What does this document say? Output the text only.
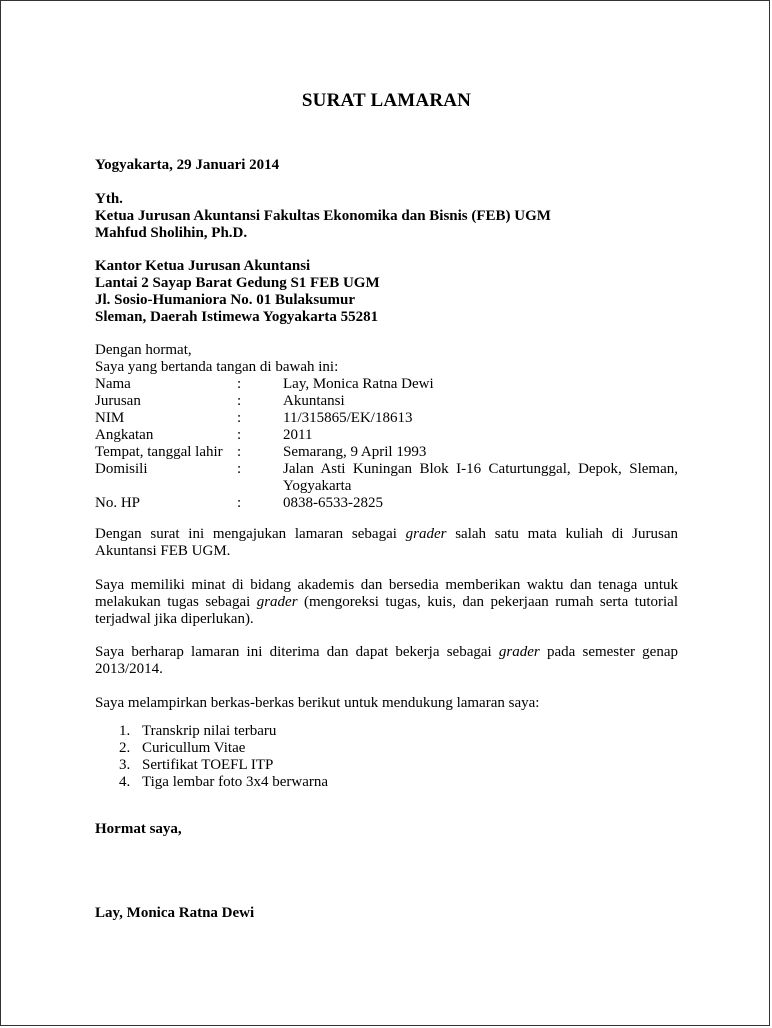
SURAT LAMARAN
Yogyakarta, 29 Januari 2014
Yth.
Ketua Jurusan Akuntansi Fakultas Ekonomika dan Bisnis (FEB) UGM
Mahfud Sholihin, Ph.D.
Kantor Ketua Jurusan Akuntansi
Lantai 2 Sayap Barat Gedung S1 FEB UGM
Jl. Sosio-Humaniora No. 01 Bulaksumur
Sleman, Daerah Istimewa Yogyakarta 55281
Dengan hormat,
Saya yang bertanda tangan di bawah ini:
Nama	:	Lay, Monica Ratna Dewi
Jurusan	:	Akuntansi
NIM	:	11/315865/EK/18613
Angkatan	:	2011
Tempat, tanggal lahir :	Semarang, 9 April 1993
Domisili	:	Jalan Asti Kuningan Blok I-16 Caturtunggal, Depok, Sleman,
Yogyakarta
No. HP	:	0838-6533-2825
Dengan surat ini mengajukan lamaran sebagai grader salah satu mata kuliah di Jurusan
Akuntansi FEB UGM.
Saya memiliki minat di bidang akademis dan bersedia memberikan waktu dan tenaga untuk
melakukan tugas sebagai grader (mengoreksi tugas, kuis, dan pekerjaan rumah serta tutorial
terjadwal jika diperlukan).
Saya berharap lamaran ini diterima dan dapat bekerja sebagai grader pada semester genap
2013/2014.
Saya melampirkan berkas-berkas berikut untuk mendukung lamaran saya:
1. Transkrip nilai terbaru
2. Curicullum Vitae
3. Sertifikat TOEFL ITP
4. Tiga lembar foto 3x4 berwarna
Hormat saya,
Lay, Monica Ratna Dewi
